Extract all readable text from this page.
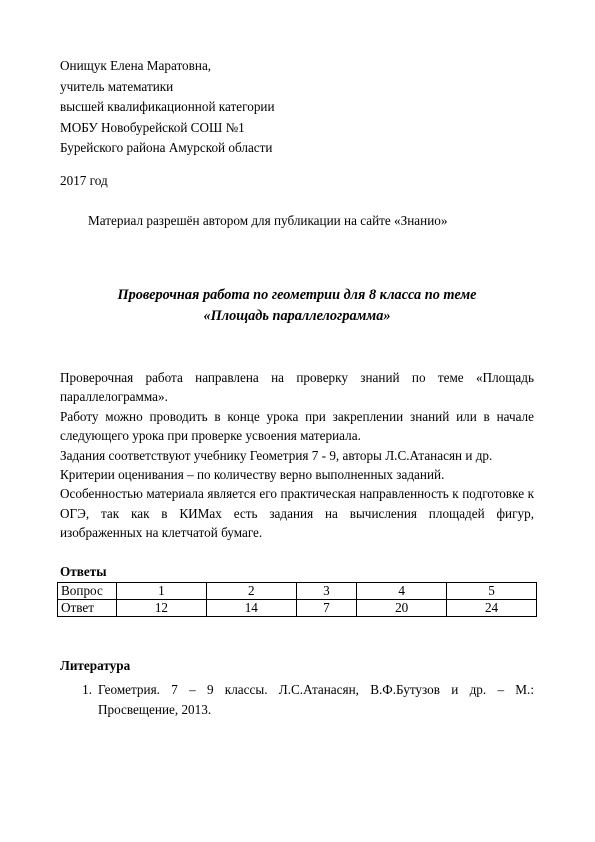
Онищук Елена Маратовна,
учитель математики
высшей квалификационной категории
МОБУ Новобурейской СОШ №1
Бурейского района Амурской области
2017 год
Материал разрешён автором для публикации на сайте «Знанио»
Проверочная работа по геометрии для 8 класса по теме
«Площадь параллелограмма»

Проверочная работа направлена на проверку знаний по теме «Площадь параллелограмма».

Работу можно проводить в конце урока при закреплении знаний или в начале следующего урока при проверке усвоения материала.

Задания соответствуют учебнику Геометрия 7 - 9, авторы Л.С.Атанасян и др.

Критерии оценивания – по количеству верно выполненных заданий.

Особенностью материала является его практическая направленность к подготовке к ОГЭ, так как в КИМах есть задания на вычисления площадей фигур, изображенных на клетчатой бумаге.

Ответы
Вопрос	1	2	3	4	5
Ответ	12	14	7	20	24
Литература
1. Геометрия. 7 – 9 классы. Л.С.Атанасян, В.Ф.Бутузов и др. – М.: Просвещение, 2013.
